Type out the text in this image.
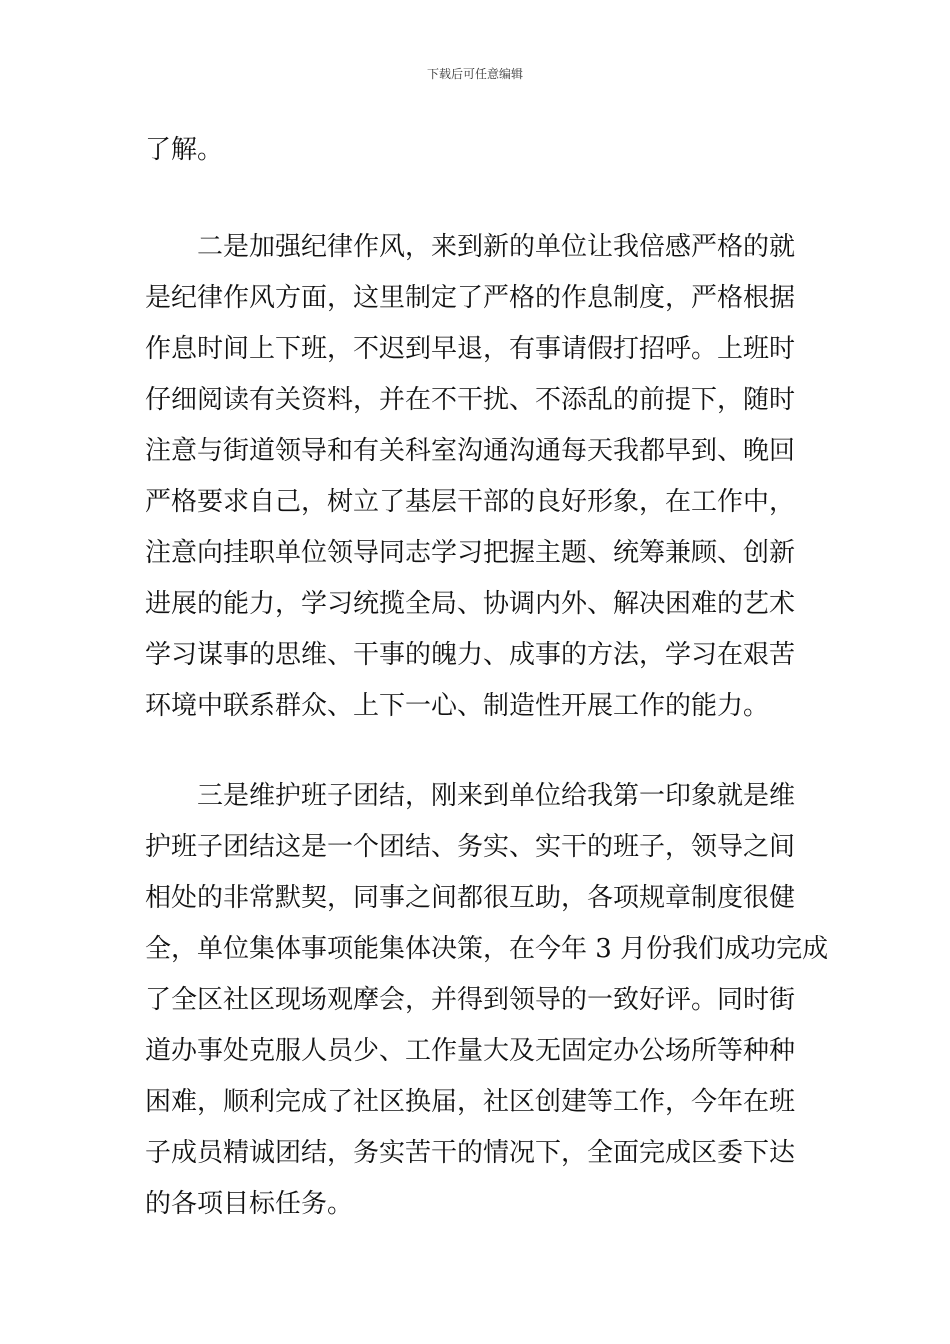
下载后可任意编辑
了解。
二是加强纪律作风，来到新的单位让我倍感严格的就
是纪律作风方面，这里制定了严格的作息制度，严格根据
作息时间上下班，不迟到早退，有事请假打招呼。上班时
仔细阅读有关资料，并在不干扰、不添乱的前提下，随时
注意与街道领导和有关科室沟通沟通每天我都早到、晚回
严格要求自己，树立了基层干部的良好形象，在工作中，
注意向挂职单位领导同志学习把握主题、统筹兼顾、创新
进展的能力，学习统揽全局、协调内外、解决困难的艺术
学习谋事的思维、干事的魄力、成事的方法，学习在艰苦
环境中联系群众、上下一心、制造性开展工作的能力。
三是维护班子团结，刚来到单位给我第一印象就是维
护班子团结这是一个团结、务实、实干的班子，领导之间
相处的非常默契，同事之间都很互助，各项规章制度很健
全，单位集体事项能集体决策，在今年 3 月份我们成功完成
了全区社区现场观摩会，并得到领导的一致好评。同时街
道办事处克服人员少、工作量大及无固定办公场所等种种
困难，顺利完成了社区换届，社区创建等工作，今年在班
子成员精诚团结，务实苦干的情况下，全面完成区委下达
的各项目标任务。
